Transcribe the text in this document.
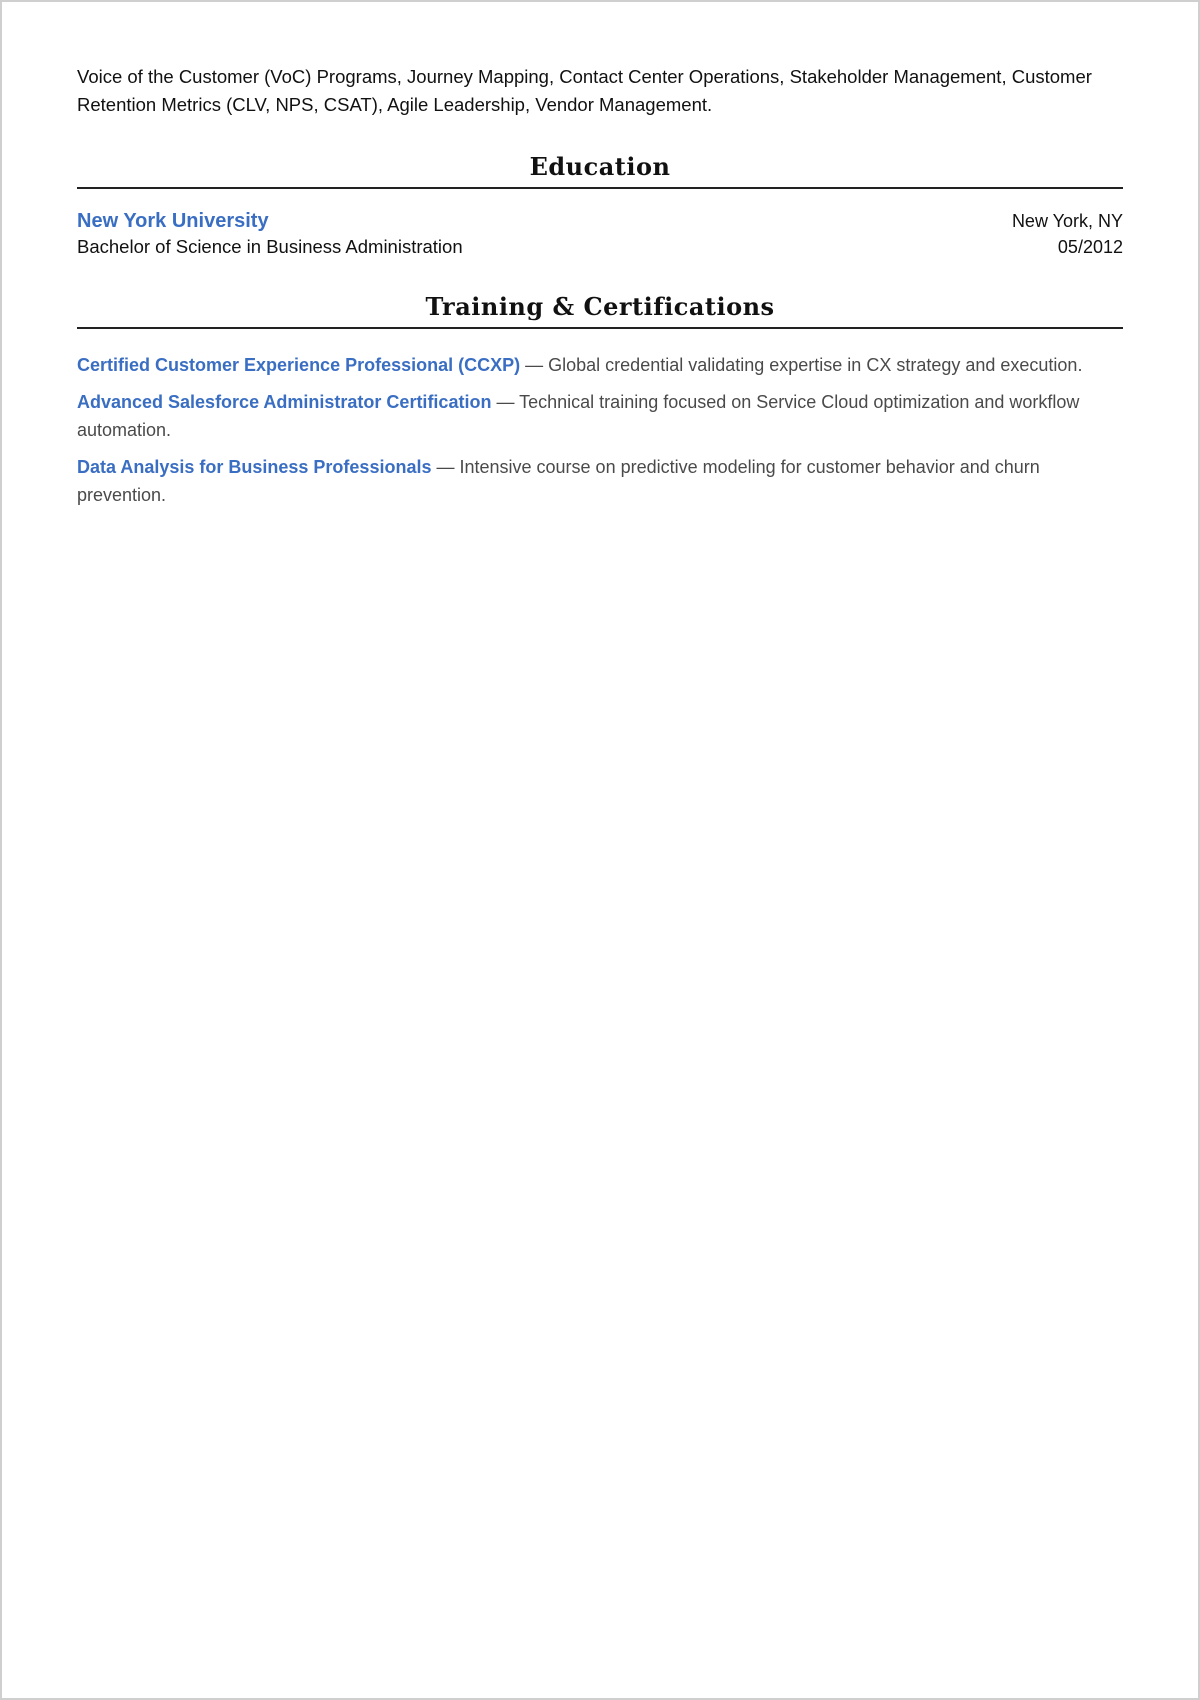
Voice of the Customer (VoC) Programs, Journey Mapping, Contact Center Operations, Stakeholder Management, Customer Retention Metrics (CLV, NPS, CSAT), Agile Leadership, Vendor Management.

Education
New York University	New York, NY
Bachelor of Science in Business Administration	05/2012
Training & Certifications
Certified Customer Experience Professional (CCXP) — Global credential validating expertise in CX strategy and execution.
Advanced Salesforce Administrator Certification — Technical training focused on Service Cloud optimization and workflow automation.
Data Analysis for Business Professionals — Intensive course on predictive modeling for customer behavior and churn prevention.
